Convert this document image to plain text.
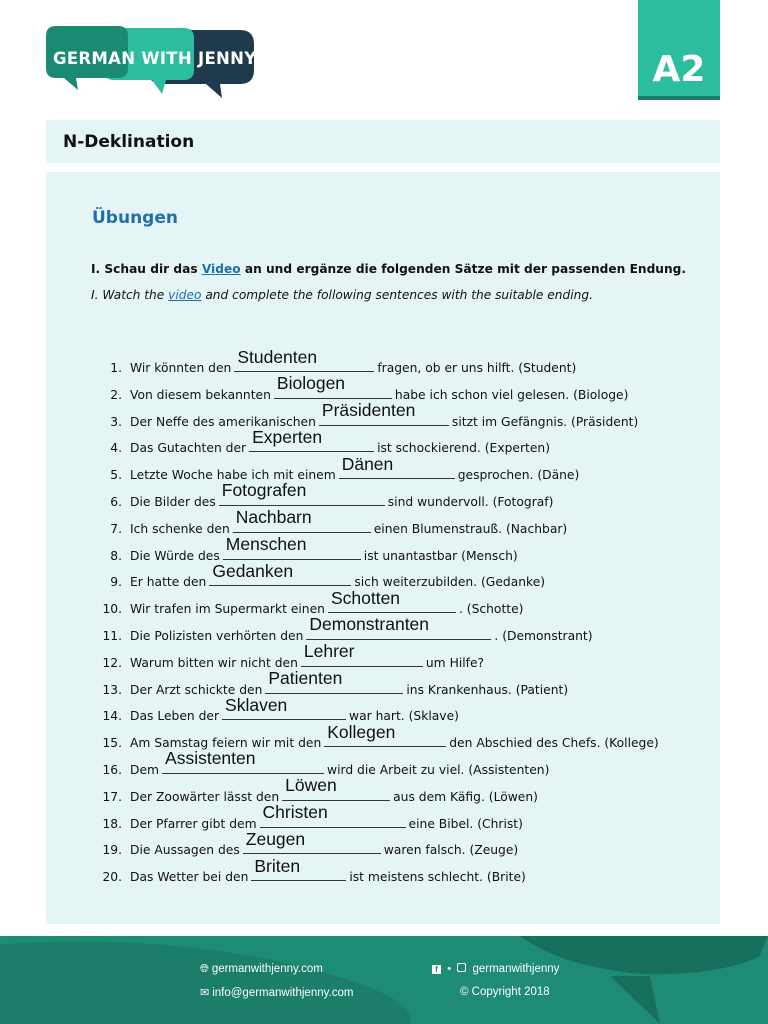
GERMAN WITH JENNY	A2
N-Deklination
Übungen
I. Schau dir das Video an und ergänze die folgenden Sätze mit der passenden Endung.
I. Watch the video and complete the following sentences with the suitable ending.
1. Wir könnten den
Studenten
fragen, ob er uns hilft. (Student)
2. Von diesem bekannten
Biologen
habe ich schon viel gelesen. (Biologe)
3. Der Neffe des amerikanischen
Präsidenten
sitzt im Gefängnis. (Präsident)
4. Das Gutachten der
Experten
ist schockierend. (Experten)
5. Letzte Woche habe ich mit einem
Dänen
gesprochen. (Däne)
6. Die Bilder des
Fotografen
sind wundervoll. (Fotograf)
7. Ich schenke den
Nachbarn
einen Blumenstrauß. (Nachbar)
8. Die Würde des
Menschen
ist unantastbar (Mensch)
9. Er hatte den
Gedanken
sich weiterzubilden. (Gedanke)
10. Wir trafen im Supermarkt einen
Schotten
. (Schotte)
11. Die Polizisten verhörten den
Demonstranten
. (Demonstrant)
12. Warum bitten wir nicht den
Lehrer
um Hilfe?
13. Der Arzt schickte den
Patienten
ins Krankenhaus. (Patient)
14. Das Leben der
Sklaven
war hart. (Sklave)
15. Am Samstag feiern wir mit den
Kollegen
den Abschied des Chefs. (Kollege)
16. Dem
Assistenten
wird die Arbeit zu viel. (Assistenten)
17. Der Zoowärter lässt den
Löwen
aus dem Käfig. (Löwen)
18. Der Pfarrer gibt dem
Christen
eine Bibel. (Christ)
19. Die Aussagen des
Zeugen
waren falsch. (Zeuge)
20. Das Wetter bei den
Briten
ist meistens schlecht. (Brite)
🌐︎ germanwithjenny.com
✉︎ info@germanwithjenny.com
f • germanwithjenny
© Copyright 2018
